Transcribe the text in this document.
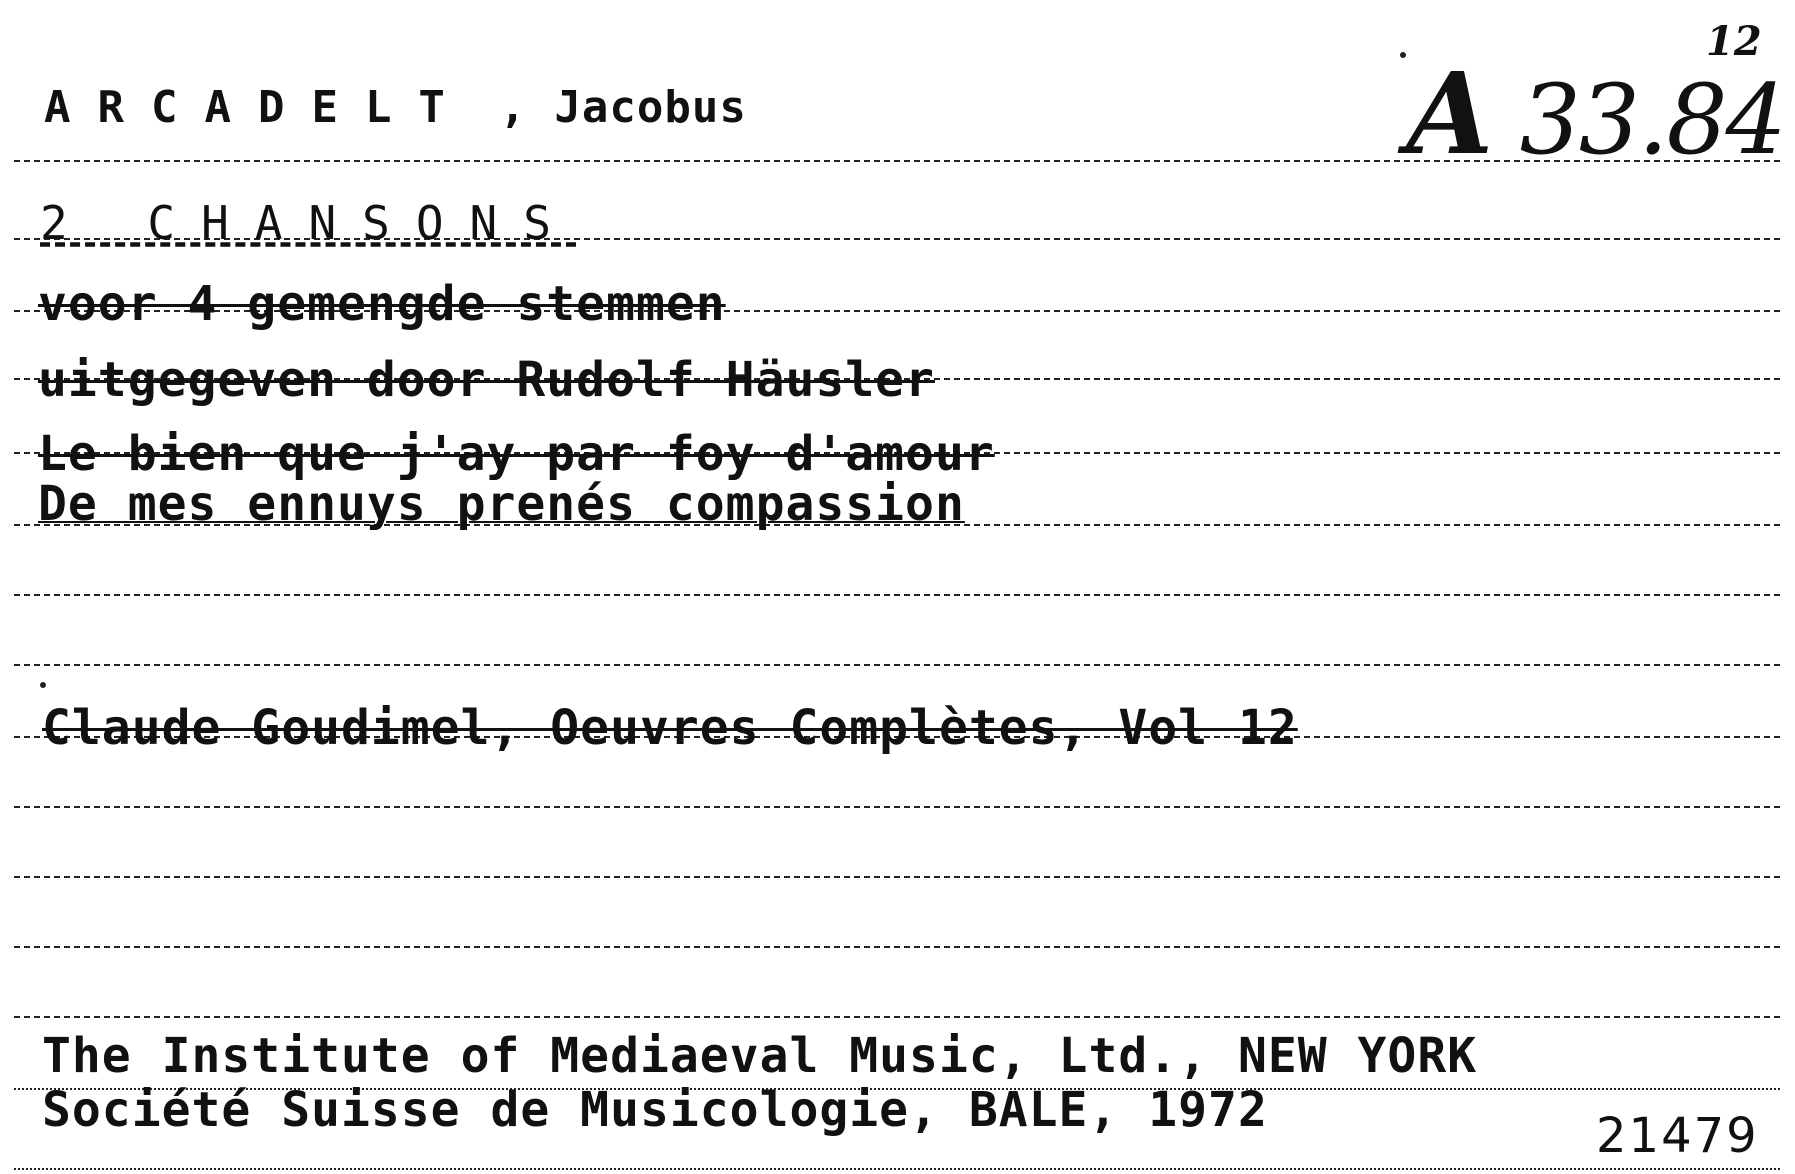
A 33.84

12

ARCADELT , Jacobus
2 CHANSONS
voor 4 gemengde stemmen
uitgegeven door Rudolf Häusler
Le bien que j'ay par foy d'amour
De mes ennuys prenés compassion
Claude Goudimel, Oeuvres Complètes, Vol 12
The Institute of Mediaeval Music, Ltd., NEW YORK
Société Suisse de Musicologie, BALE, 1972	21479
